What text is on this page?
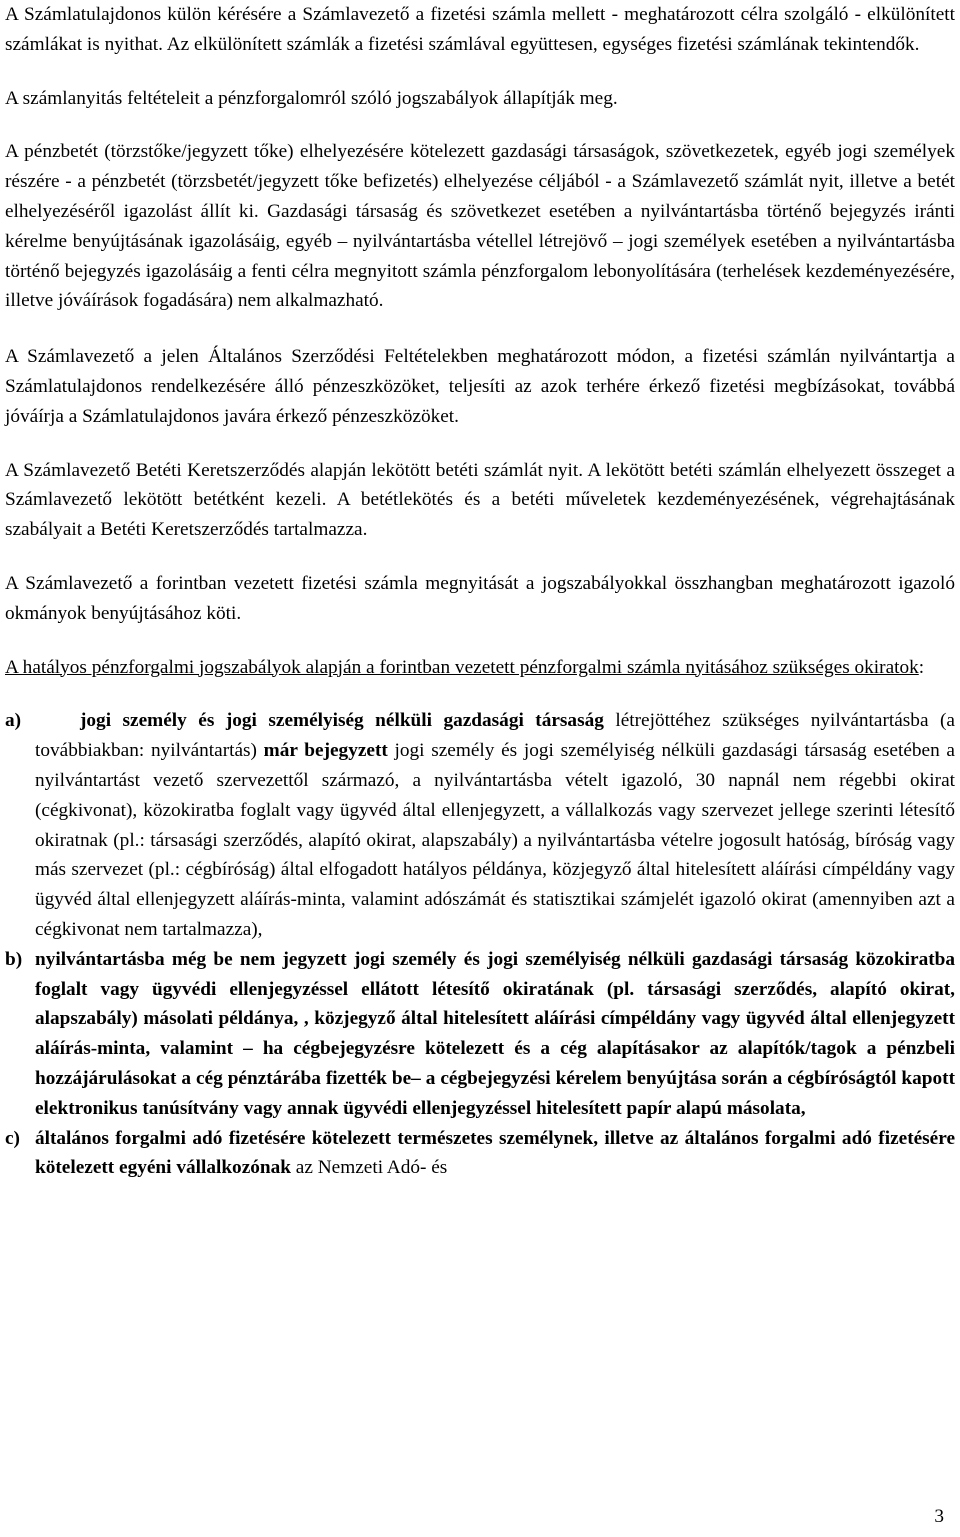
A Számlatulajdonos külön kérésére a Számlavezető a fizetési számla mellett - meghatározott célra szolgáló - elkülönített számlákat is nyithat. Az elkülönített számlák a fizetési számlával együttesen, egységes fizetési számlának tekintendők.

A számlanyitás feltételeit a pénzforgalomról szóló jogszabályok állapítják meg.

A pénzbetét (törzstőke/jegyzett tőke) elhelyezésére kötelezett gazdasági társaságok, szövetkezetek, egyéb jogi személyek részére - a pénzbetét (törzsbetét/jegyzett tőke befizetés) elhelyezése céljából - a Számlavezető számlát nyit, illetve a betét elhelyezéséről igazolást állít ki. Gazdasági társaság és szövetkezet esetében a nyilvántartásba történő bejegyzés iránti kérelme benyújtásának igazolásáig, egyéb – nyilvántartásba vétellel létrejövő – jogi személyek esetében a nyilvántartásba történő bejegyzés igazolásáig a fenti célra megnyitott számla pénzforgalom lebonyolítására (terhelések kezdeményezésére, illetve jóváírások fogadására) nem alkalmazható.

A Számlavezető a jelen Általános Szerződési Feltételekben meghatározott módon, a fizetési számlán nyilvántartja a Számlatulajdonos rendelkezésére álló pénzeszközöket, teljesíti az azok terhére érkező fizetési megbízásokat, továbbá jóváírja a Számlatulajdonos javára érkező pénzeszközöket.

A Számlavezető Betéti Keretszerződés alapján lekötött betéti számlát nyit. A lekötött betéti számlán elhelyezett összeget a Számlavezető lekötött betétként kezeli. A betétlekötés és a betéti műveletek kezdeményezésének, végrehajtásának szabályait a Betéti Keretszerződés tartalmazza.

A Számlavezető a forintban vezetett fizetési számla megnyitását a jogszabályokkal összhangban meghatározott igazoló okmányok benyújtásához köti.

A hatályos pénzforgalmi jogszabályok alapján a forintban vezetett pénzforgalmi számla nyitásához szükséges okiratok:

a)	jogi személy és jogi személyiség nélküli gazdasági társaság létrejöttéhez szükséges nyilvántartásba (a továbbiakban: nyilvántartás) már bejegyzett jogi személy és jogi személyiség nélküli gazdasági társaság esetében a nyilvántartást vezető szervezettől származó, a nyilvántartásba vételt igazoló, 30 napnál nem régebbi okirat (cégkivonat), közokiratba foglalt vagy ügyvéd által ellenjegyzett, a vállalkozás vagy szervezet jellege szerinti létesítő okiratnak (pl.: társasági szerződés, alapító okirat, alapszabály) a nyilvántartásba vételre jogosult hatóság, bíróság vagy más szervezet (pl.: cégbíróság) által elfogadott hatályos példánya, közjegyző által hitelesített aláírási címpéldány vagy ügyvéd által ellenjegyzett aláírás-minta, valamint adószámát és statisztikai számjelét igazoló okirat (amennyiben azt a cégkivonat nem tartalmazza),
b) nyilvántartásba még be nem jegyzett jogi személy és jogi személyiség nélküli gazdasági társaság közokiratba foglalt vagy ügyvédi ellenjegyzéssel ellátott létesítő okiratának (pl. társasági szerződés, alapító okirat, alapszabály) másolati példánya, , közjegyző által hitelesített aláírási címpéldány vagy ügyvéd által ellenjegyzett aláírás-minta, valamint – ha cégbejegyzésre kötelezett és a cég alapításakor az alapítók/tagok a pénzbeli hozzájárulásokat a cég pénztárába fizették be– a cégbejegyzési kérelem benyújtása során a cégbíróságtól kapott elektronikus tanúsítvány vagy annak ügyvédi ellenjegyzéssel hitelesített papír alapú másolata,
c) általános forgalmi adó fizetésére kötelezett természetes személynek, illetve az általános forgalmi adó fizetésére kötelezett egyéni vállalkozónak az Nemzeti Adó- és
3
